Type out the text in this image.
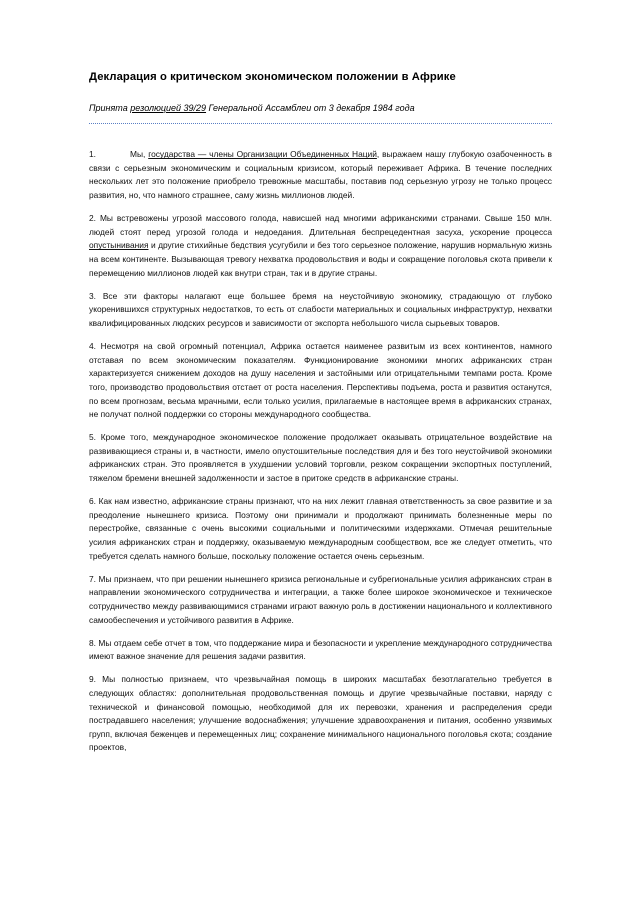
Декларация о критическом экономическом положении в Африке
Принята резолюцией 39/29 Генеральной Ассамблеи от 3 декабря 1984 года

1.	Мы, государства — члены Организации Объединенных Наций, выражаем нашу глубокую озабоченность в связи с серьезным экономическим и социальным кризисом, который переживает Африка. В течение последних нескольких лет это положение приобрело тревожные масштабы, поставив под серьезную угрозу не только процесс развития, но, что намного страшнее, саму жизнь миллионов людей.

2. Мы встревожены угрозой массового голода, нависшей над многими африканскими странами. Свыше 150 млн. людей стоят перед угрозой голода и недоедания. Длительная беспрецедентная засуха, ускорение процесса опустынивания и другие стихийные бедствия усугубили и без того серьезное положение, нарушив нормальную жизнь на всем континенте. Вызывающая тревогу нехватка продовольствия и воды и сокращение поголовья скота привели к перемещению миллионов людей как внутри стран, так и в другие страны.

3. Все эти факторы налагают еще большее бремя на неустойчивую экономику, страдающую от глубоко укоренившихся структурных недостатков, то есть от слабости материальных и социальных инфраструктур, нехватки квалифицированных людских ресурсов и зависимости от экспорта небольшого числа сырьевых товаров.

4. Несмотря на свой огромный потенциал, Африка остается наименее развитым из всех континентов, намного отставая по всем экономическим показателям. Функционирование экономики многих африканских стран характеризуется снижением доходов на душу населения и застойными или отрицательными темпами роста. Кроме того, производство продовольствия отстает от роста населения. Перспективы подъема, роста и развития останутся, по всем прогнозам, весьма мрачными, если только усилия, прилагаемые в настоящее время в африканских странах, не получат полной поддержки со стороны международного сообщества.

5. Кроме того, международное экономическое положение продолжает оказывать отрицательное воздействие на развивающиеся страны и, в частности, имело опустошительные последствия для и без того неустойчивой экономики африканских стран. Это проявляется в ухудшении условий торговли, резком сокращении экспортных поступлений, тяжелом бремени внешней задолженности и застое в притоке средств в африканские страны.

6. Как нам известно, африканские страны признают, что на них лежит главная ответственность за свое развитие и за преодоление нынешнего кризиса. Поэтому они принимали и продолжают принимать болезненные меры по перестройке, связанные с очень высокими социальными и политическими издержками. Отмечая решительные усилия африканских стран и поддержку, оказываемую международным сообществом, все же следует отметить, что требуется сделать намного больше, поскольку положение остается очень серьезным.

7. Мы признаем, что при решении нынешнего кризиса региональные и субрегиональные усилия африканских стран в направлении экономического сотрудничества и интеграции, а также более широкое экономическое и техническое сотрудничество между развивающимися странами играют важную роль в достижении национального и коллективного самообеспечения и устойчивого развития в Африке.

8. Мы отдаем себе отчет в том, что поддержание мира и безопасности и укрепление международного сотрудничества имеют важное значение для решения задачи развития.

9. Мы полностью признаем, что чрезвычайная помощь в широких масштабах безотлагательно требуется в следующих областях: дополнительная продовольственная помощь и другие чрезвычайные поставки, наряду с технической и финансовой помощью, необходимой для их перевозки, хранения и распределения среди пострадавшего населения; улучшение водоснабжения; улучшение здравоохранения и питания, особенно уязвимых групп, включая беженцев и перемещенных лиц; сохранение минимального национального поголовья скота; создание проектов,
